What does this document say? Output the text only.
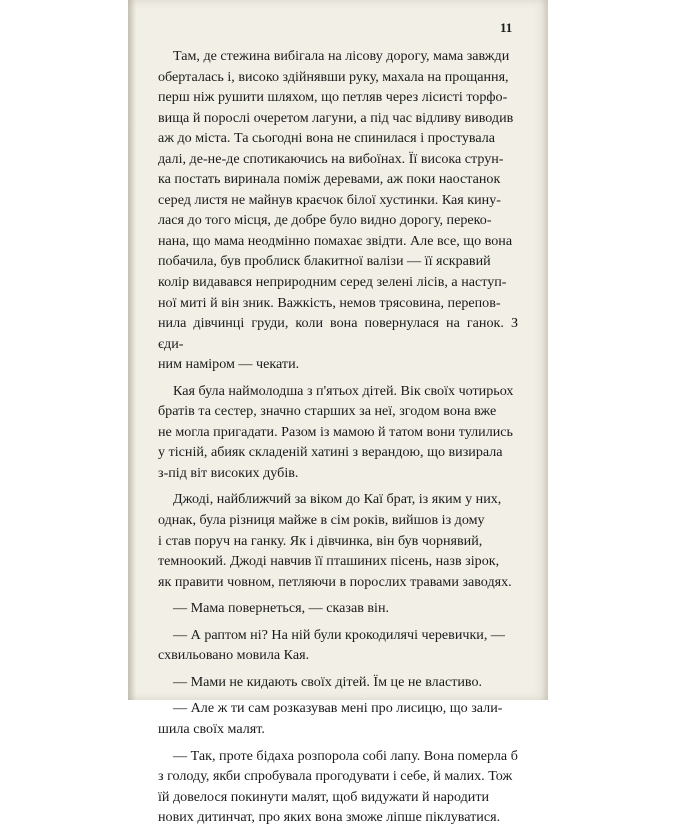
11

Там, де стежина вибігала на лісову дорогу, мама завжди
оберталась і, високо здійнявши руку, махала на прощання,
перш ніж рушити шляхом, що петляв через лісисті торфо-
вища й порослі очеретом лагуни, а під час відливу виводив
аж до міста. Та сьогодні вона не спинилася і простувала
далі, де-не-де спотикаючись на вибоїнах. Її висока струн-
ка постать виринала поміж деревами, аж поки наостанок
серед листя не майнув краєчок білої хустинки. Кая кину-
лася до того місця, де добре було видно дорогу, переко-
нана, що мама неодмінно помахає звідти. Але все, що вона
побачила, був проблиск блакитної валізи — її яскравий
колір видавався неприродним серед зелені лісів, а наступ-
ної миті й він зник. Важкість, немов трясовина, перепов-
нила дівчинці груди, коли вона повернулася на ганок. З єди-
ним наміром — чекати.

Кая була наймолодша з п'ятьох дітей. Вік своїх чотирьох
братів та сестер, значно старших за неї, згодом вона вже
не могла пригадати. Разом із мамою й татом вони тулились
у тісній, абияк складеній хатині з верандою, що визирала
з-під віт високих дубів.

Джоді, найближчий за віком до Каї брат, із яким у них,
однак, була різниця майже в сім років, вийшов із дому
і став поруч на ганку. Як і дівчинка, він був чорнявий,
темноокий. Джоді навчив її пташиних пісень, назв зірок,
як правити човном, петляючи в порослих травами заводях.

— Мама повернеться, — сказав він.

— А раптом ні? На ній були крокодилячі черевички, —
схвильовано мовила Кая.

— Мами не кидають своїх дітей. Їм це не властиво.

— Але ж ти сам розказував мені про лисицю, що зали-
шила своїх малят.

— Так, проте бідаха розпорола собі лапу. Вона померла б
з голоду, якби спробувала прогодувати і себе, й малих. Тож
їй довелося покинути малят, щоб видужати й народити
нових дитинчат, про яких вона зможе ліпше піклуватися.
